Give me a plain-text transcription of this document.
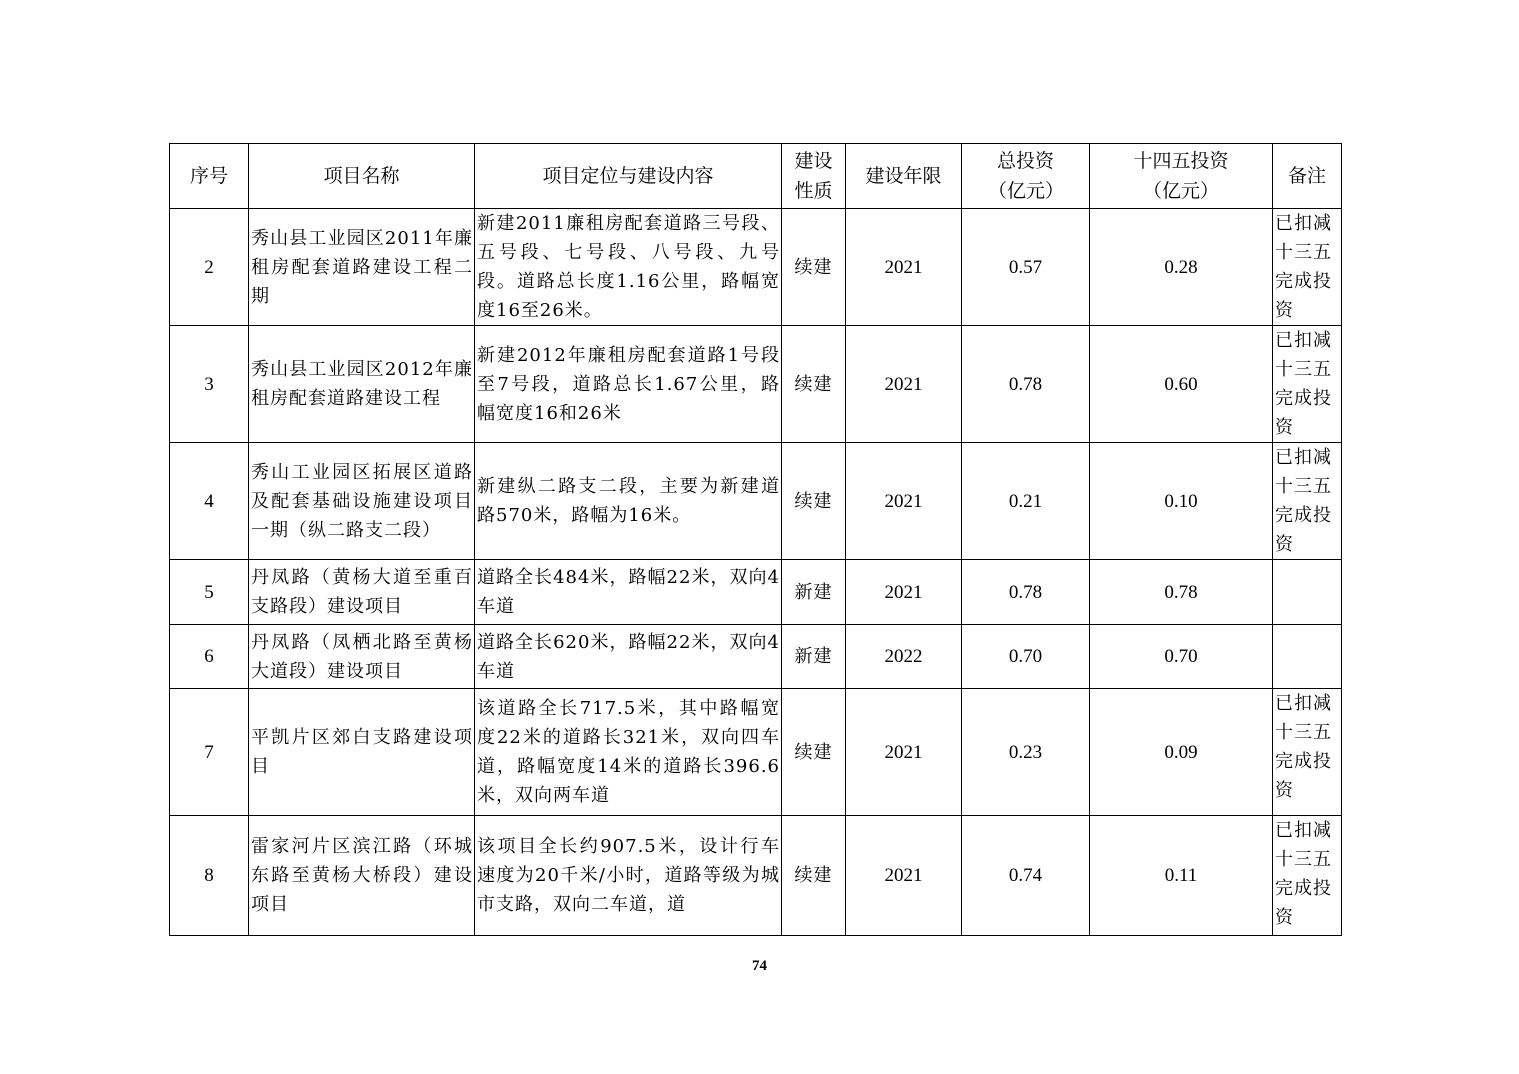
序号	项目名称	项目定位与建设内容	建设性质	建设年限	总投资（亿元）	十四五投资（亿元）	备注
2	秀山县工业园区2011年廉租房配套道路建设工程二期	新建2011廉租房配套道路三号段、五号段、七号段、八号段、九号段。道路总长度1.16公里，路幅宽度16至26米。	续建	2021	0.57	0.28	已扣减十三五完成投资
3	秀山县工业园区2012年廉租房配套道路建设工程	新建2012年廉租房配套道路1号段至7号段，道路总长1.67公里，路幅宽度16和26米	续建	2021	0.78	0.60	已扣减十三五完成投资
4	秀山工业园区拓展区道路及配套基础设施建设项目一期（纵二路支二段）	新建纵二路支二段，主要为新建道路570米，路幅为16米。	续建	2021	0.21	0.10	已扣减十三五完成投资
5	丹凤路（黄杨大道至重百支路段）建设项目	道路全长484米，路幅22米，双向4车道	新建	2021	0.78	0.78	
6	丹凤路（凤栖北路至黄杨大道段）建设项目	道路全长620米，路幅22米，双向4车道	新建	2022	0.70	0.70	
7	平凯片区郊白支路建设项目	该道路全长717.5米，其中路幅宽度22米的道路长321米，双向四车道，路幅宽度14米的道路长396.6米，双向两车道	续建	2021	0.23	0.09	已扣减十三五完成投资
8	雷家河片区滨江路（环城东路至黄杨大桥段）建设项目	该项目全长约907.5米，设计行车速度为20千米/小时，道路等级为城市支路，双向二车道，道	续建	2021	0.74	0.11	已扣减十三五完成投资
74
